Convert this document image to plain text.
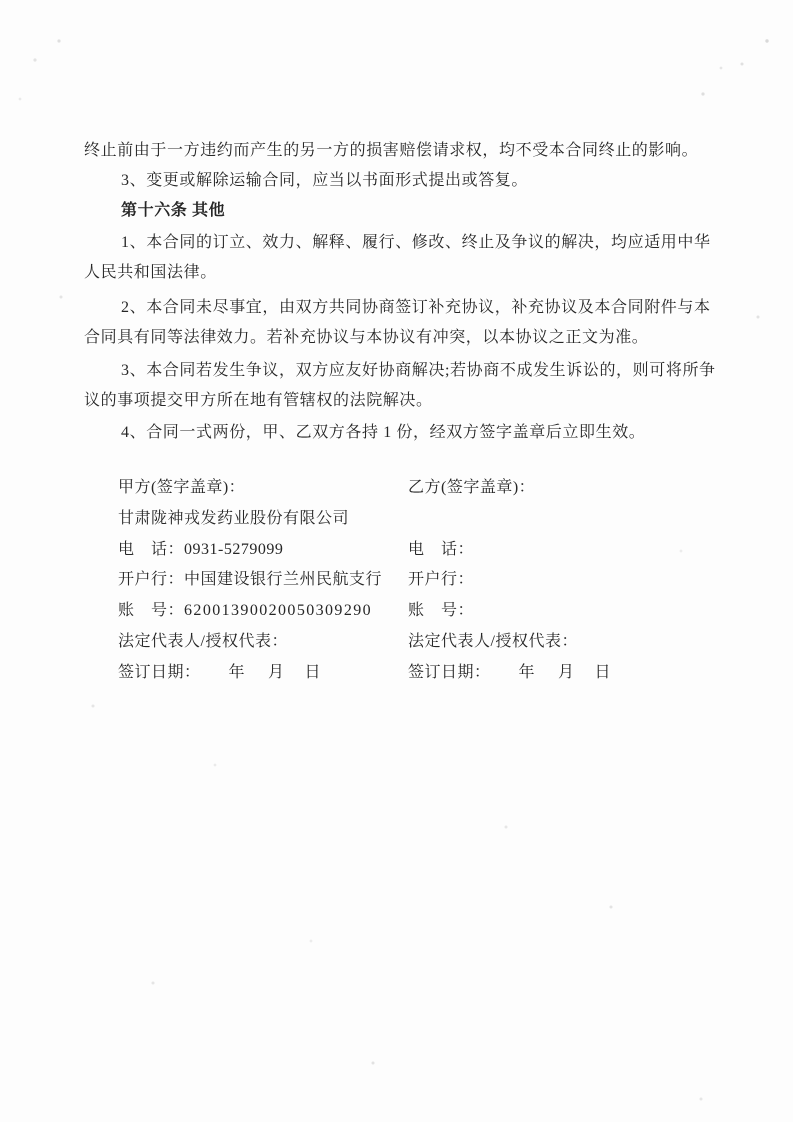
终止前由于一方违约而产生的另一方的损害赔偿请求权，均不受本合同终止的影响。

3、变更或解除运输合同，应当以书面形式提出或答复。

第十六条 其他

1、本合同的订立、效力、解释、履行、修改、终止及争议的解决，均应适用中华

人民共和国法律。

2、本合同未尽事宜，由双方共同协商签订补充协议，补充协议及本合同附件与本

合同具有同等法律效力。若补充协议与本协议有冲突，以本协议之正文为准。

3、本合同若发生争议，双方应友好协商解决;若协商不成发生诉讼的，则可将所争

议的事项提交甲方所在地有管辖权的法院解决。

4、合同一式两份，甲、乙双方各持 1 份，经双方签字盖章后立即生效。

甲方(签字盖章)：

甘肃陇神戎发药业股份有限公司

电　话：0931-5279099

开户行：中国建设银行兰州民航支行

账　号：62001390020050309290

法定代表人/授权代表：

签订日期： 年 月 日

乙方(签字盖章)：

电　话：

开户行：

账　号：

法定代表人/授权代表：

签订日期： 年 月 日
